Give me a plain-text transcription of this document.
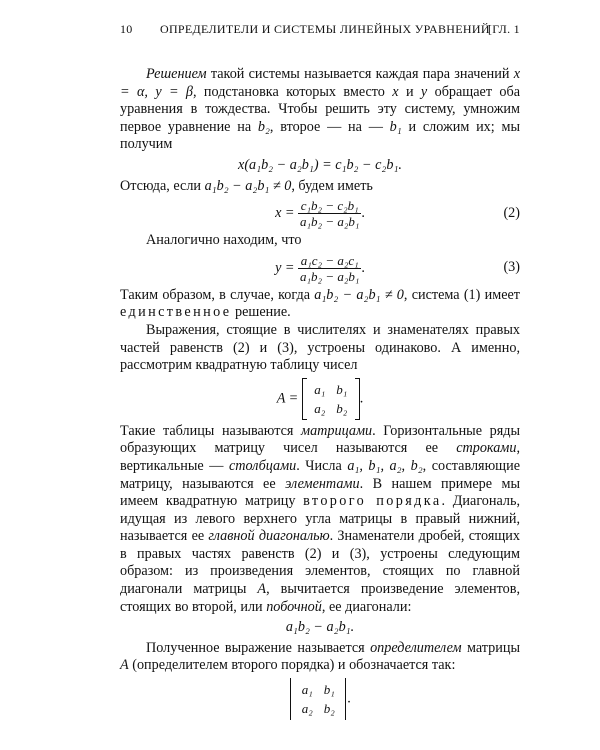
10 ОПРЕДЕЛИТЕЛИ И СИСТЕМЫ ЛИНЕЙНЫХ УРАВНЕНИЙ
[ГЛ. 1

Решением такой системы называется каждая пара значений x = α, y = β, подстановка которых вместо x и y обращает оба уравнения в тождества. Чтобы решить эту систему, умножим первое уравнение на b₂, второе — на — b₁ и сложим их; мы получим

x(a₁b₂ − a₂b₁) = c₁b₂ − c₂b₁.

Отсюда, если a₁b₂ − a₂b₁ ≠ 0, будем иметь

$x = \frac{\text{c₁b₂ − c₂b₁}}{\text{a₁b₂ − a₂b₁}}$ .	(2)

Аналогично находим, что

$y = \frac{\text{a₁c₂ − a₂c₁}}{\text{a₁b₂ − a₂b₁}}$ .	(3)

Таким образом, в случае, когда a₁b₂ − a₂b₁ ≠ 0, система (1) имеет единственное решение.

Выражения, стоящие в числителях и знаменателях правых частей равенств (2) и (3), устроены одинаково. А именно, рассмотрим квадратную таблицу чисел

A =
a₁ b₁
a₂ b₂
.

Такие таблицы называются матрицами. Горизонтальные ряды образующих матрицу чисел называются ее строками, вертикальные — столбцами. Числа a₁, b₁, a₂, b₂, составляющие матрицу, называются ее элементами. В нашем примере мы имеем квадратную матрицу второго порядка. Диагональ, идущая из левого верхнего угла матрицы в правый нижний, называется ее главной диагональю. Знаменатели дробей, стоящих в правых частях равенств (2) и (3), устроены следующим образом: из произведения элементов, стоящих по главной диагонали матрицы A, вычитается произведение элементов, стоящих во второй, или побочной, ее диагонали:

a₁b₂ − a₂b₁.

Полученное выражение называется определителем матрицы A (определителем второго порядка) и обозначается так:

a₁ b₁
a₂ b₂
.
